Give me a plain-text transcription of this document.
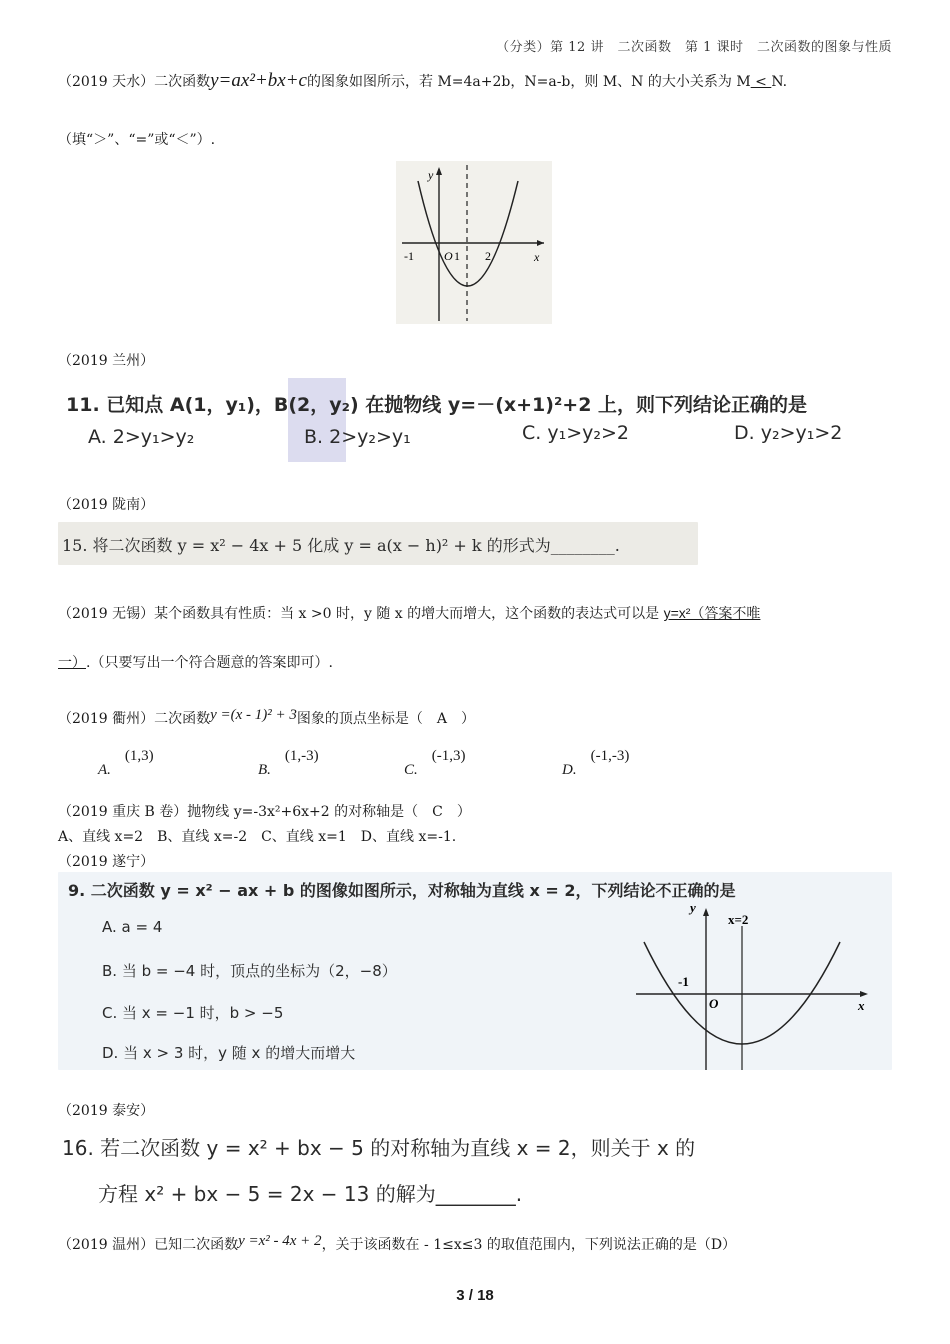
（分类）第 12 讲　二次函数　第 1 课时　二次函数的图象与性质
（2019 天水）二次函数y=ax²+bx+c的图象如图所示，若 M=4a+2b，N=a-b，则 M、N 的大小关系为 M < N.
（填“＞”、“=”或“＜”）.
y
x
-1	O 1 2
（2019 兰州）
11. 已知点 A(1，y₁)，B(2，y₂) 在抛物线 y=－(x+1)²+2 上，则下列结论正确的是
A. 2>y₁>y₂	B. 2>y₂>y₁	C. y₁>y₂>2	D. y₂>y₁>2
（2019 陇南）
15. 将二次函数 y = x² − 4x + 5 化成 y = a(x − h)² + k 的形式为________.
（2019 无锡）某个函数具有性质：当 x >0 时，y 随 x 的增大而增大，这个函数的表达式可以是 y=x²（答案不唯
一）.（只要写出一个符合题意的答案即可）.
（2019 衢州）二次函数y =(x - 1)² + 3图象的顶点坐标是（　A　）
A.$^{(1,3)}$
B.$^{(1,‑3)}$
C.$^{(‑1,3)}$
D.$^{(‑1,‑3)}$
（2019 重庆 B 卷）抛物线 y=-3x²+6x+2 的对称轴是（　C　）
A、直线 x=2　B、直线 x=-2　C、直线 x=1　D、直线 x=-1.
（2019 遂宁）
9. 二次函数 y = x² − ax + b 的图像如图所示，对称轴为直线 x = 2，下列结论不正确的是
A. a = 4
B. 当 b = −4 时，顶点的坐标为（2，−8）
C. 当 x = −1 时，b > −5
D. 当 x > 3 时，y 随 x 的增大而增大
y
x=2
-1
O	x
（2019 泰安）
16. 若二次函数 y = x² + bx − 5 的对称轴为直线 x = 2，则关于 x 的
方程 x² + bx − 5 = 2x − 13 的解为________.
（2019 温州）已知二次函数y =x² - 4x + 2，关于该函数在 - 1≤x≤3 的取值范围内，下列说法正确的是（D）
3 / 18
